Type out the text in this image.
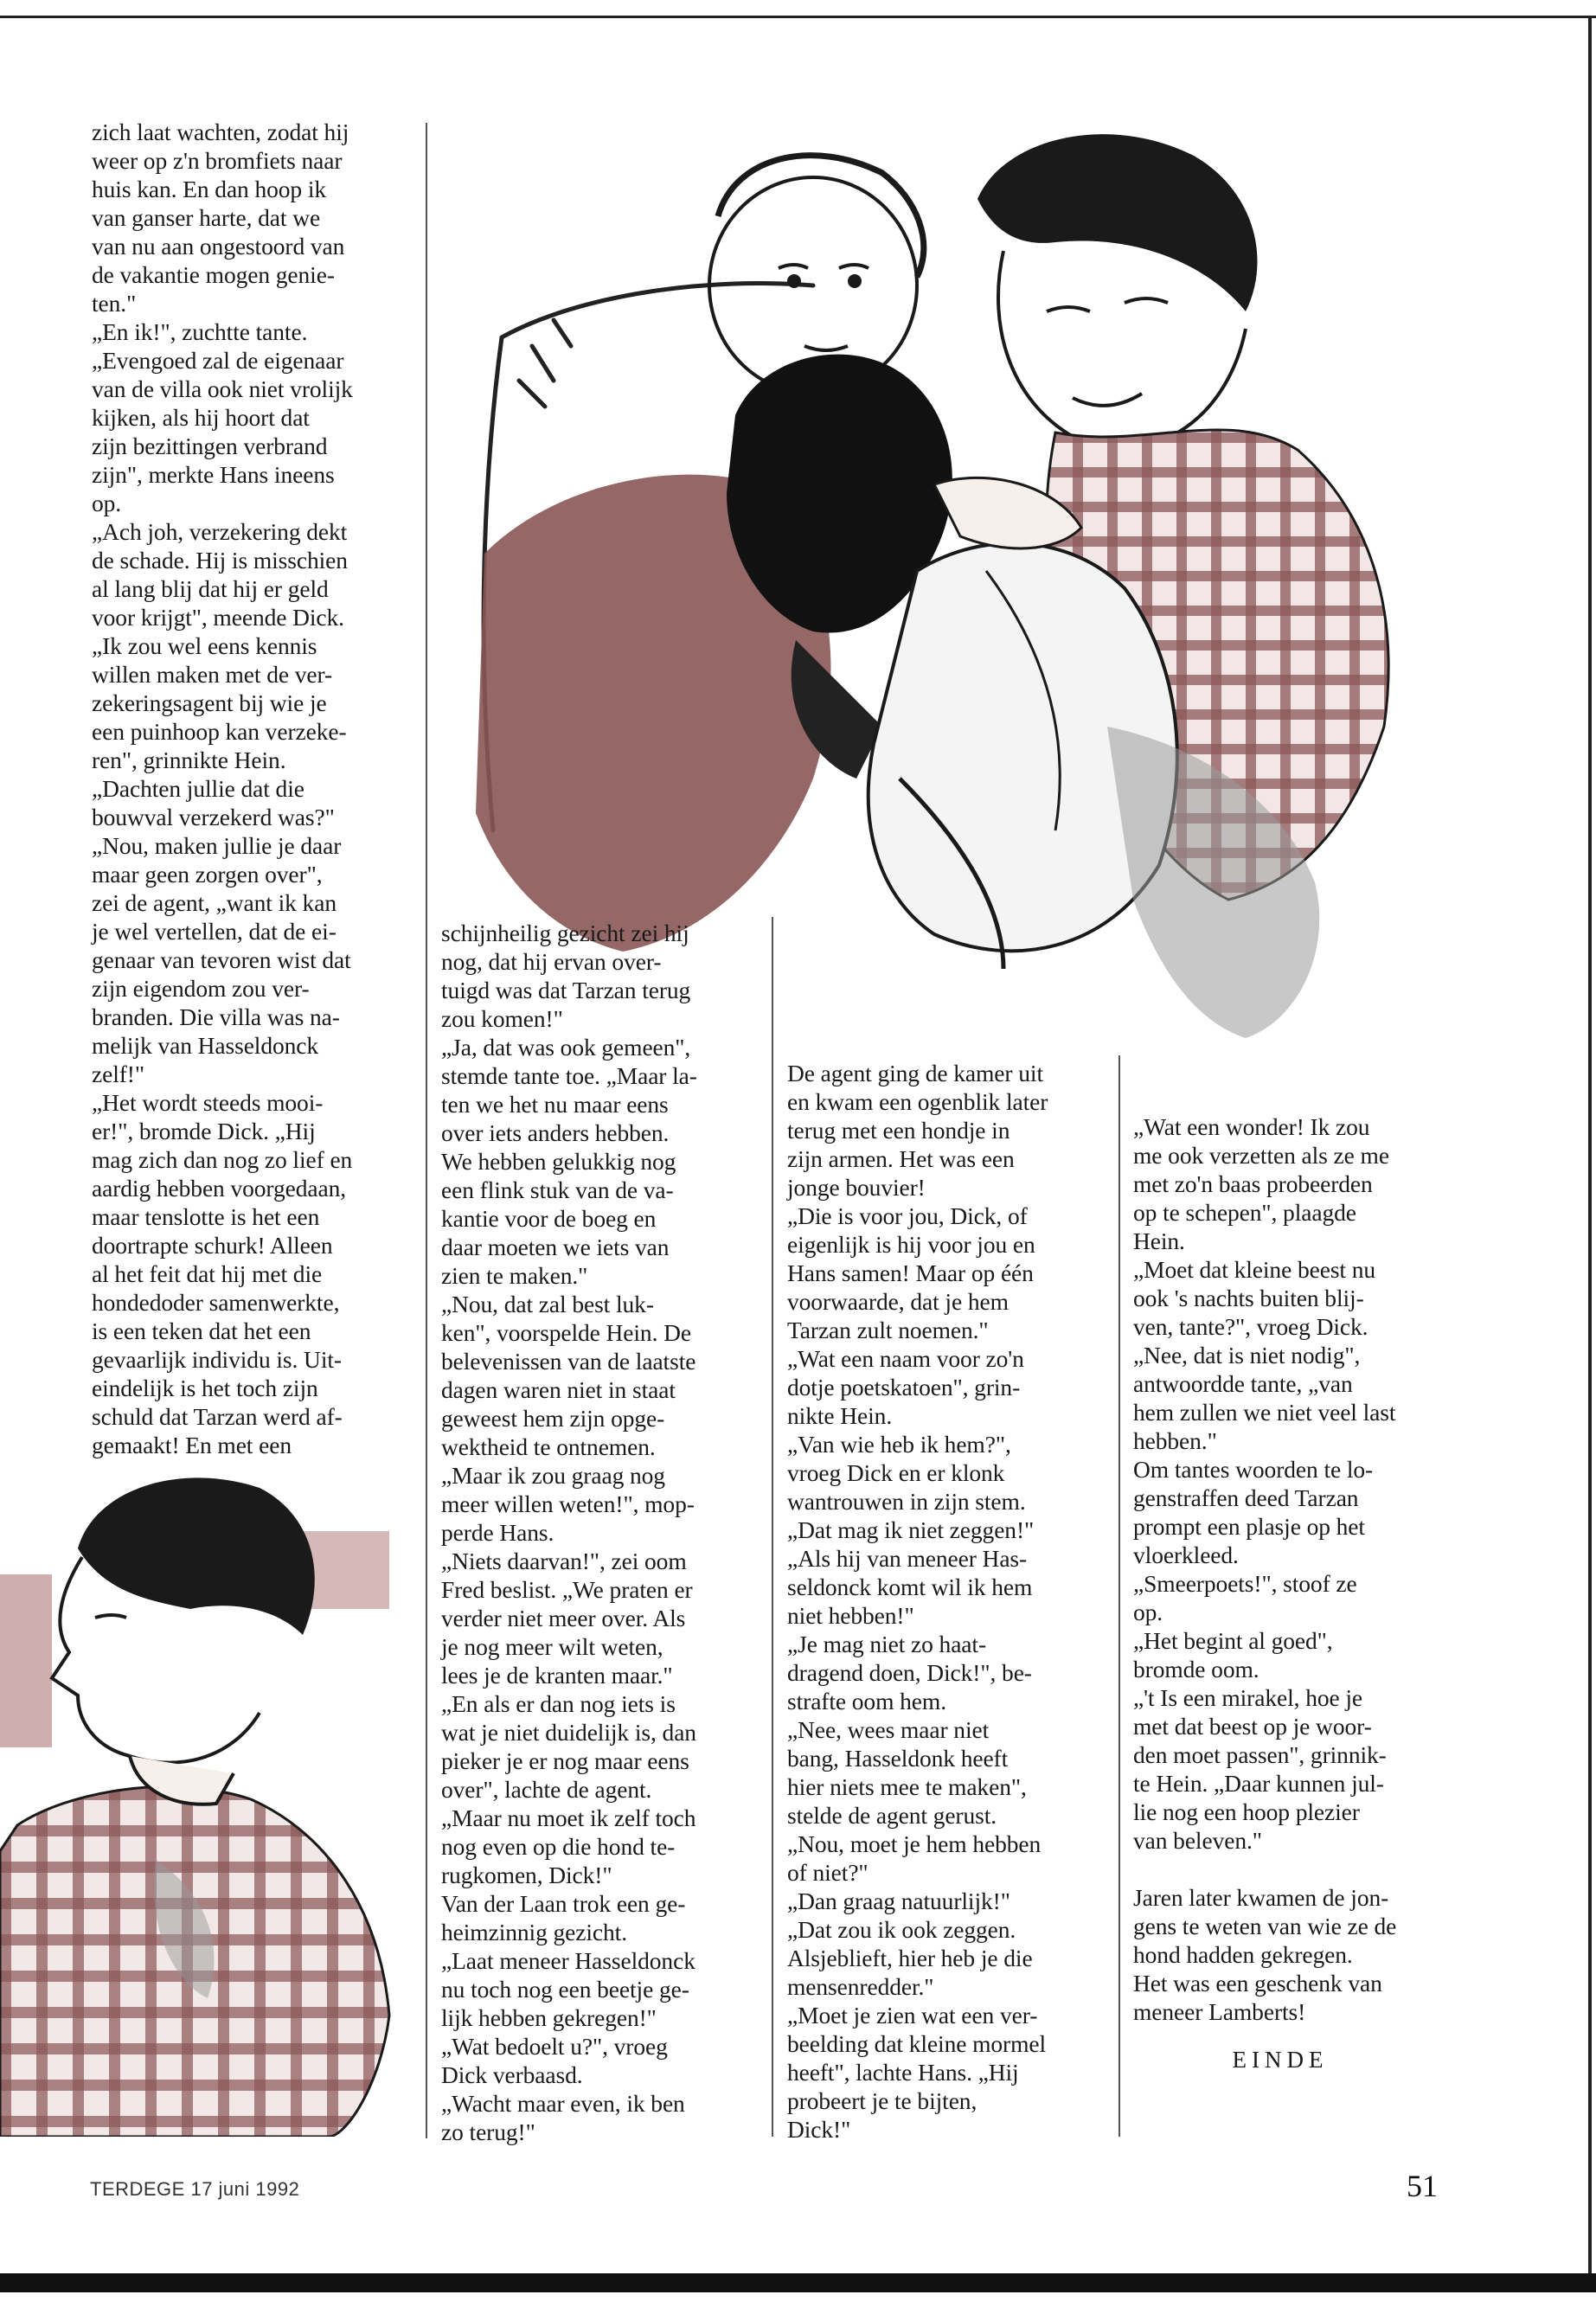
zich laat wachten, zodat hij
weer op z'n bromfiets naar
huis kan. En dan hoop ik
van ganser harte, dat we
van nu aan ongestoord van
de vakantie mogen genie-
ten."
„En ik!", zuchtte tante.
„Evengoed zal de eigenaar
van de villa ook niet vrolijk
kijken, als hij hoort dat
zijn bezittingen verbrand
zijn", merkte Hans ineens
op.
„Ach joh, verzekering dekt
de schade. Hij is misschien
al lang blij dat hij er geld
voor krijgt", meende Dick.
„Ik zou wel eens kennis
willen maken met de ver-
zekeringsagent bij wie je
een puinhoop kan verzeke-
ren", grinnikte Hein.
„Dachten jullie dat die
bouwval verzekerd was?"
„Nou, maken jullie je daar
maar geen zorgen over",
zei de agent, „want ik kan
je wel vertellen, dat de ei-
genaar van tevoren wist dat
zijn eigendom zou ver-
branden. Die villa was na-
melijk van Hasseldonck
zelf!"
„Het wordt steeds mooi-
er!", bromde Dick. „Hij
mag zich dan nog zo lief en
aardig hebben voorgedaan,
maar tenslotte is het een
doortrapte schurk! Alleen
al het feit dat hij met die
hondedoder samenwerkte,
is een teken dat het een
gevaarlijk individu is. Uit-
eindelijk is het toch zijn
schuld dat Tarzan werd af-
gemaakt! En met een
schijnheilig gezicht zei hij
nog, dat hij ervan over-
tuigd was dat Tarzan terug
zou komen!"
„Ja, dat was ook gemeen",
stemde tante toe. „Maar la-
ten we het nu maar eens
over iets anders hebben.
We hebben gelukkig nog
een flink stuk van de va-
kantie voor de boeg en
daar moeten we iets van
zien te maken."
„Nou, dat zal best luk-
ken", voorspelde Hein. De
belevenissen van de laatste
dagen waren niet in staat
geweest hem zijn opge-
wektheid te ontnemen.
„Maar ik zou graag nog
meer willen weten!", mop-
perde Hans.
„Niets daarvan!", zei oom
Fred beslist. „We praten er
verder niet meer over. Als
je nog meer wilt weten,
lees je de kranten maar."
„En als er dan nog iets is
wat je niet duidelijk is, dan
pieker je er nog maar eens
over", lachte de agent.
„Maar nu moet ik zelf toch
nog even op die hond te-
rugkomen, Dick!"
Van der Laan trok een ge-
heimzinnig gezicht.
„Laat meneer Hasseldonck
nu toch nog een beetje ge-
lijk hebben gekregen!"
„Wat bedoelt u?", vroeg
Dick verbaasd.
„Wacht maar even, ik ben
zo terug!"
De agent ging de kamer uit
en kwam een ogenblik later
terug met een hondje in
zijn armen. Het was een
jonge bouvier!
„Die is voor jou, Dick, of
eigenlijk is hij voor jou en
Hans samen! Maar op één
voorwaarde, dat je hem
Tarzan zult noemen."
„Wat een naam voor zo'n
dotje poetskatoen", grin-
nikte Hein.
„Van wie heb ik hem?",
vroeg Dick en er klonk
wantrouwen in zijn stem.
„Dat mag ik niet zeggen!"
„Als hij van meneer Has-
seldonck komt wil ik hem
niet hebben!"
„Je mag niet zo haat-
dragend doen, Dick!", be-
strafte oom hem.
„Nee, wees maar niet
bang, Hasseldonk heeft
hier niets mee te maken",
stelde de agent gerust.
„Nou, moet je hem hebben
of niet?"
„Dan graag natuurlijk!"
„Dat zou ik ook zeggen.
Alsjeblieft, hier heb je die
mensenredder."
„Moet je zien wat een ver-
beelding dat kleine mormel
heeft", lachte Hans. „Hij
probeert je te bijten,
Dick!"
„Wat een wonder! Ik zou
me ook verzetten als ze me
met zo'n baas probeerden
op te schepen", plaagde
Hein.
„Moet dat kleine beest nu
ook 's nachts buiten blij-
ven, tante?", vroeg Dick.
„Nee, dat is niet nodig",
antwoordde tante, „van
hem zullen we niet veel last
hebben."
Om tantes woorden te lo-
genstraffen deed Tarzan
prompt een plasje op het
vloerkleed.
„Smeerpoets!", stoof ze
op.
„Het begint al goed",
bromde oom.
„'t Is een mirakel, hoe je
met dat beest op je woor-
den moet passen", grinnik-
te Hein. „Daar kunnen jul-
lie nog een hoop plezier
van beleven."

Jaren later kwamen de jon-
gens te weten van wie ze de
hond hadden gekregen.
Het was een geschenk van
meneer Lamberts!
EINDE
TERDEGE 17 juni 1992	51
